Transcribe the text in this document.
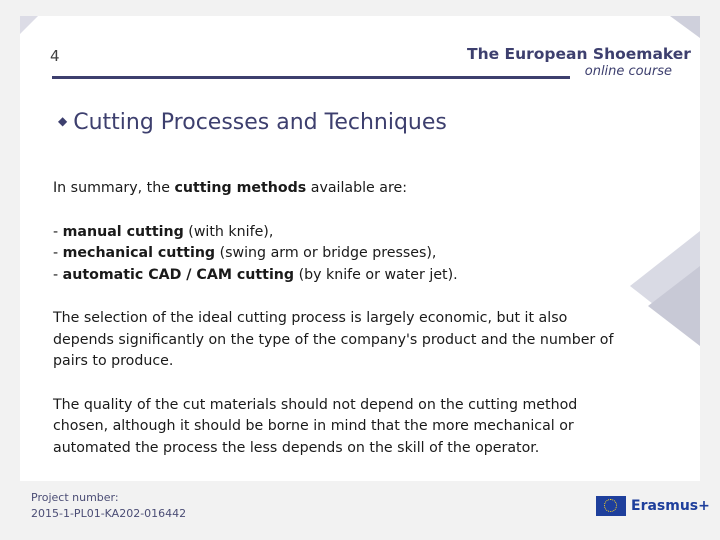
4	The European Shoemaker
online course
◆ Cutting Processes and Techniques

In summary, the cutting methods available are:

- manual cutting (with knife),
- mechanical cutting (swing arm or bridge presses),
- automatic CAD / CAM cutting (by knife or water jet).

The selection of the ideal cutting process is largely economic, but it also depends significantly on the type of the company's product and the number of pairs to produce.

The quality of the cut materials should not depend on the cutting method chosen, although it should be borne in mind that the more mechanical or automated the process the less depends on the skill of the operator.

Project number:
2015-1-PL01-KA202-016442	Erasmus+
